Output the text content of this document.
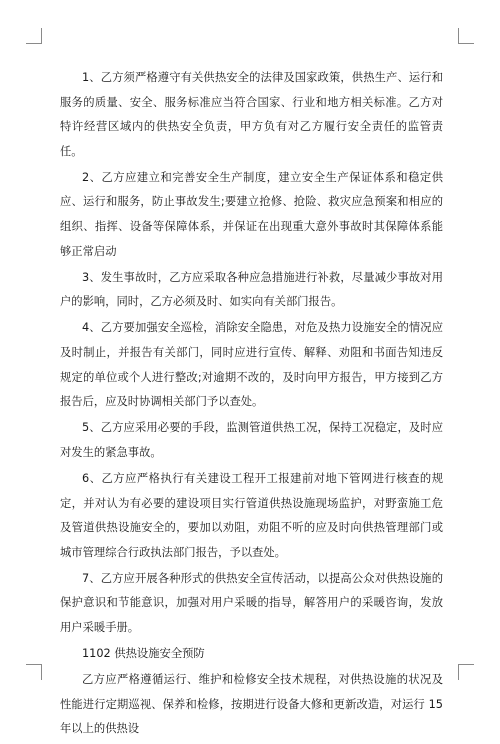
1、乙方须严格遵守有关供热安全的法律及国家政策，供热生产、运行和服务的质量、安全、服务标准应当符合国家、行业和地方相关标准。乙方对特许经营区域内的供热安全负责，甲方负有对乙方履行安全责任的监管责任。

2、乙方应建立和完善安全生产制度，建立安全生产保证体系和稳定供应、运行和服务，防止事故发生;要建立抢修、抢险、救灾应急预案和相应的组织、指挥、设备等保障体系，并保证在出现重大意外事故时其保障体系能够正常启动

3、发生事故时，乙方应采取各种应急措施进行补救，尽量减少事故对用户的影响，同时，乙方必须及时、如实向有关部门报告。

4、乙方要加强安全巡检，消除安全隐患，对危及热力设施安全的情况应及时制止，并报告有关部门，同时应进行宣传、解释、劝阻和书面告知违反规定的单位或个人进行整改;对逾期不改的，及时向甲方报告，甲方接到乙方报告后，应及时协调相关部门予以查处。

5、乙方应采用必要的手段，监测管道供热工况，保持工况稳定，及时应对发生的紧急事故。

6、乙方应严格执行有关建设工程开工报建前对地下管网进行核查的规定，并对认为有必要的建设项目实行管道供热设施现场监护，对野蛮施工危及管道供热设施安全的，要加以劝阻，劝阻不听的应及时向供热管理部门或城市管理综合行政执法部门报告，予以查处。

7、乙方应开展各种形式的供热安全宣传活动，以提高公众对供热设施的保护意识和节能意识，加强对用户采暖的指导，解答用户的采暖咨询，发放用户采暖手册。

1102 供热设施安全预防

乙方应严格遵循运行、维护和检修安全技术规程，对供热设施的状况及性能进行定期巡视、保养和检修，按期进行设备大修和更新改造，对运行 15 年以上的供热设
